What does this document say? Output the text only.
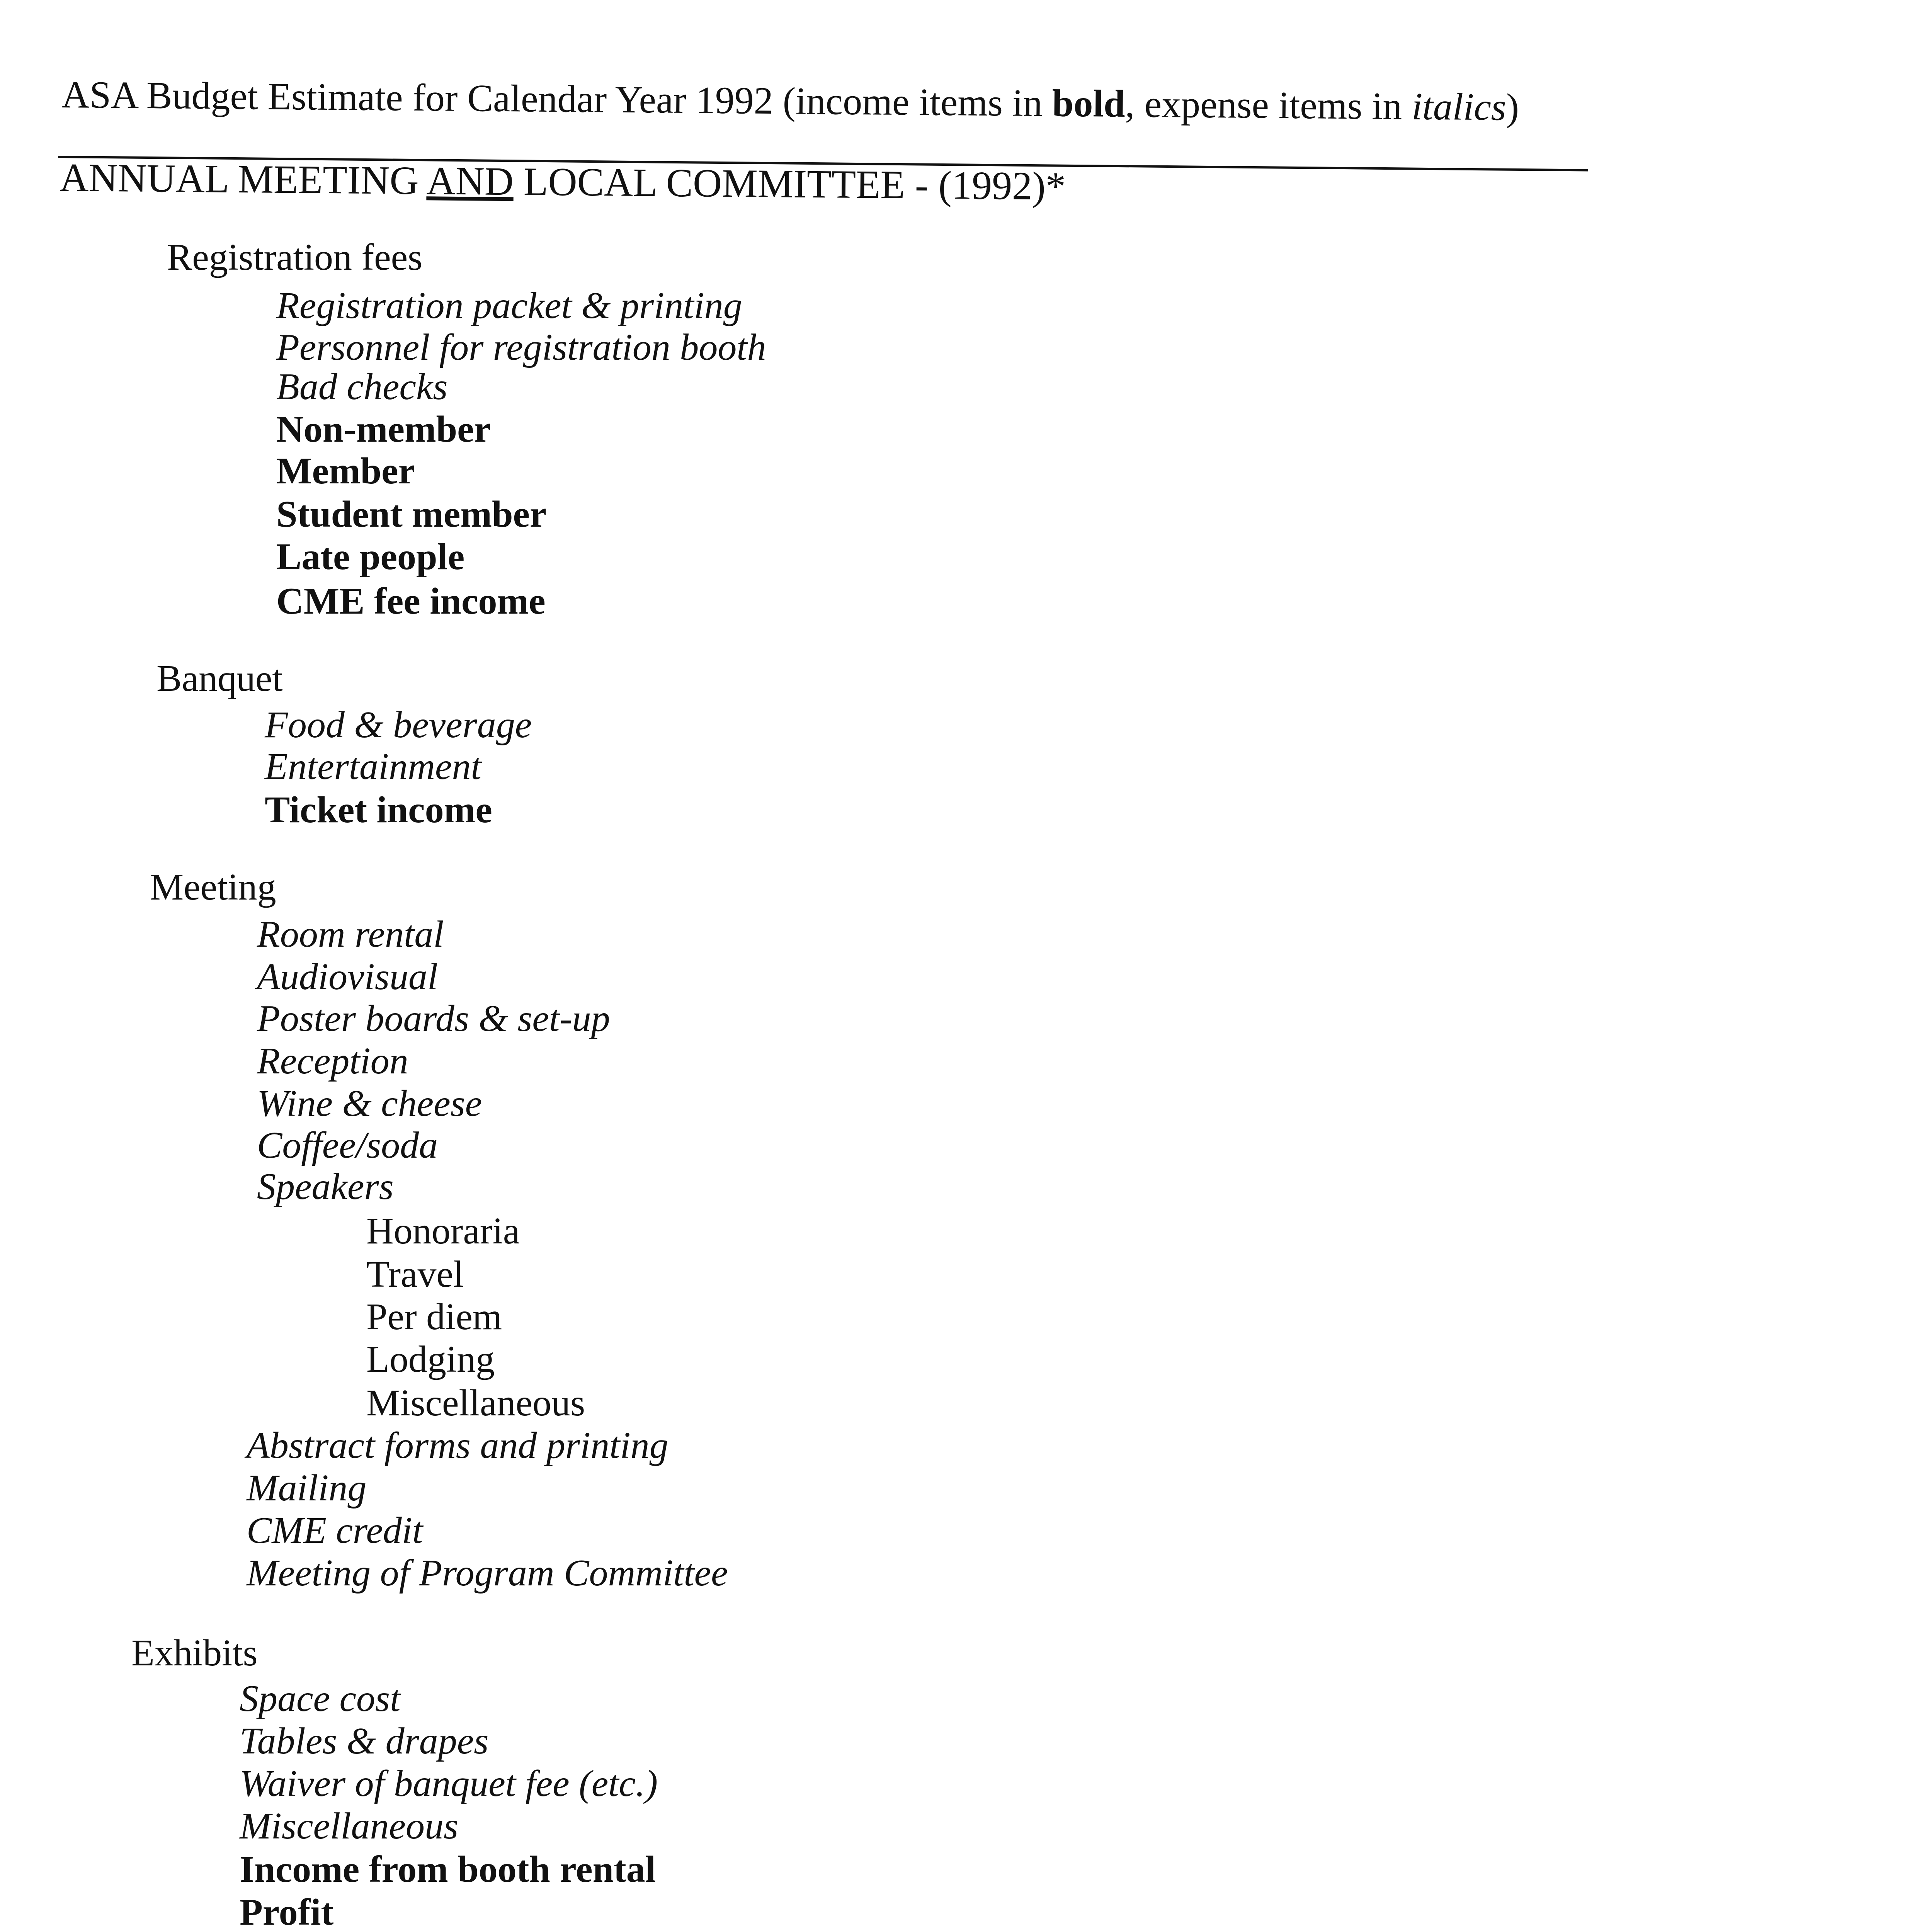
ASA Budget Estimate for Calendar Year 1992 (income items in bold, expense items in italics)
ANNUAL MEETING AND LOCAL COMMITTEE - (1992)*
Registration fees
Registration packet & printing
Personnel for registration booth
Bad checks
Non-member
Member
Student member
Late people
CME fee income
Banquet
Food & beverage
Entertainment
Ticket income
Meeting
Room rental
Audiovisual
Poster boards & set-up
Reception
Wine & cheese
Coffee/soda
Speakers
Honoraria
Travel
Per diem
Lodging
Miscellaneous
Abstract forms and printing
Mailing
CME credit
Meeting of Program Committee
Exhibits
Space cost
Tables & drapes
Waiver of banquet fee (etc.)
Miscellaneous
Income from booth rental
Profit
